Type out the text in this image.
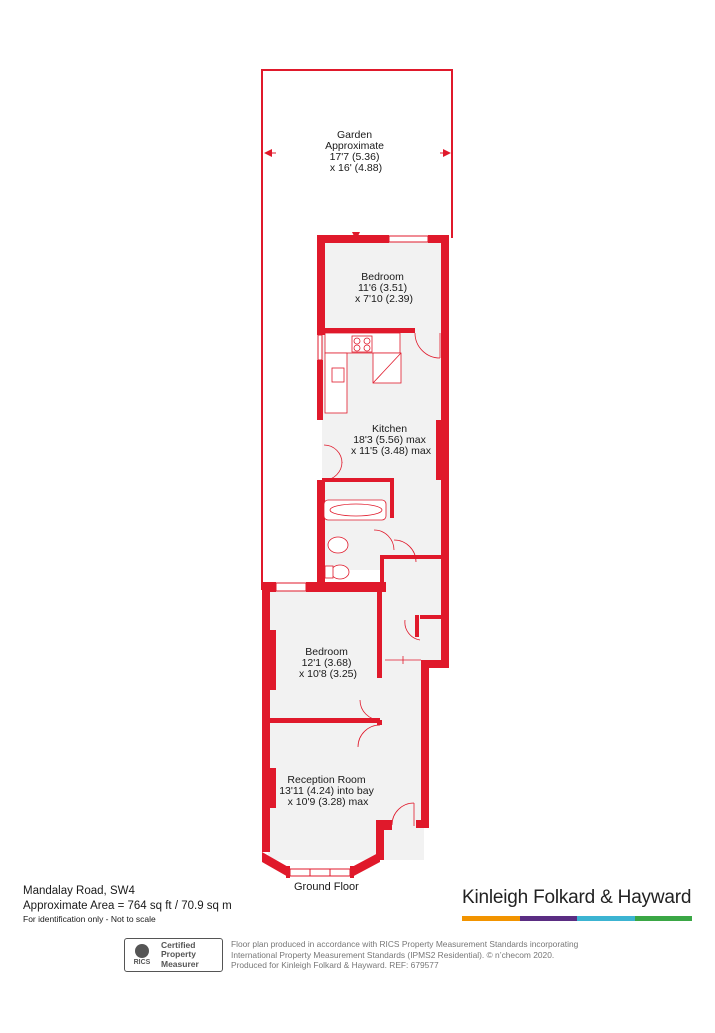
Garden Approximate 17'7 (5.36) x 16' (4.88)
Bedroom 11'6 (3.51) x 7'10 (2.39)
Kitchen 18'3 (5.56) max x 11'5 (3.48) max
Bedroom 12'1 (3.68) x 10'8 (3.25)
Reception Room 13'11 (4.24) into bay x 10'9 (3.28) max
Ground Floor
Mandalay Road, SW4
Approximate Area = 764 sq ft / 70.9 sq m
For identification only - Not to scale
Kinleigh Folkard & Hayward
RICS
Certified
Property
Measurer
Floor plan produced in accordance with RICS Property Measurement Standards incorporating
International Property Measurement Standards (IPMS2 Residential). © n’checom 2020.
Produced for Kinleigh Folkard & Hayward. REF: 679577
